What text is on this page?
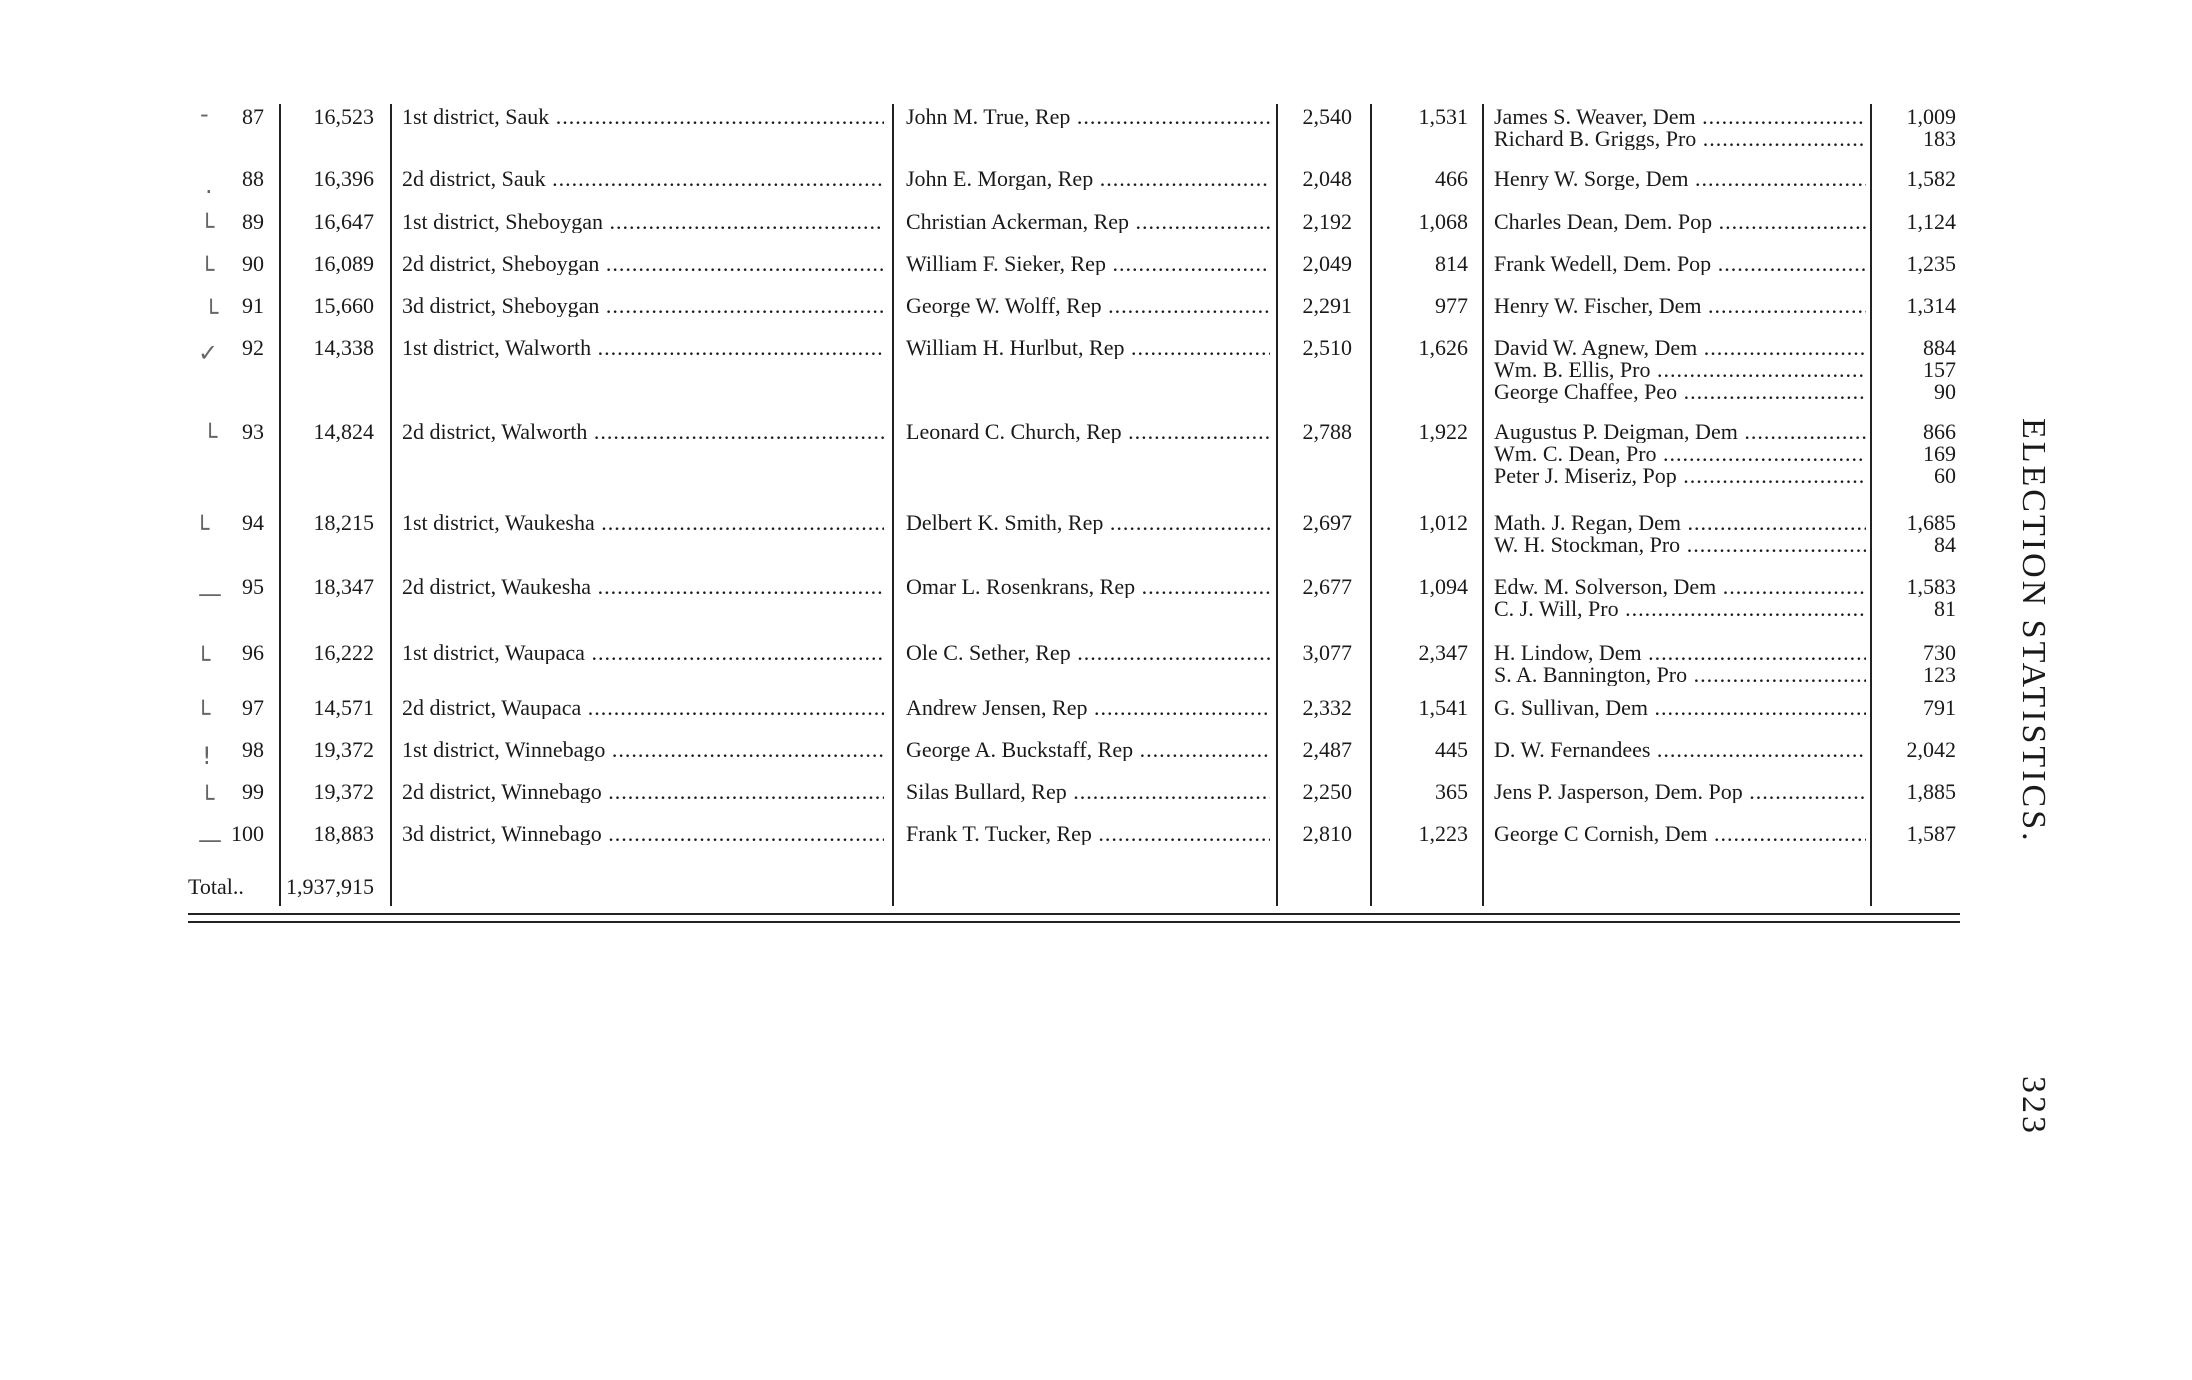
87	16,523 1st district, Sauk .....	John M. True, Rep .....	2,540	1,531 James S. Weaver, Dem .....	1,009
Richard B. Griggs, Pro .....	183
88	16,396 2d district, Sauk .....	John E. Morgan, Rep .....	2,048	466 Henry W. Sorge, Dem .....	1,582
89	16,647 1st district, Sheboygan .....	Christian Ackerman, Rep .....	2,192	1,068 Charles Dean, Dem. Pop .....	1,124
90	16,089 2d district, Sheboygan .....	William F. Sieker, Rep .....	2,049	814 Frank Wedell, Dem. Pop .....	1,235
91	15,660 3d district, Sheboygan .....	George W. Wolff, Rep .....	2,291	977 Henry W. Fischer, Dem .....	1,314
92	14,338 1st district, Walworth .....	William H. Hurlbut, Rep .....	2,510	1,626 David W. Agnew, Dem .....	884
Wm. B. Ellis, Pro .....	157
George Chaffee, Peo .....	90
93	14,824 2d district, Walworth .....	Leonard C. Church, Rep .....	2,788	1,922 Augustus P. Deigman, Dem .....	866
Wm. C. Dean, Pro .....	169
Peter J. Miseriz, Pop .....	60
94	18,215 1st district, Waukesha .....	Delbert K. Smith, Rep .....	2,697	1,012 Math. J. Regan, Dem .....	1,685
W. H. Stockman, Pro .....	84
95	18,347 2d district, Waukesha .....	Omar L. Rosenkrans, Rep .....	2,677	1,094 Edw. M. Solverson, Dem .....	1,583
C. J. Will, Pro .....	81
96	16,222 1st district, Waupaca .....	Ole C. Sether, Rep .....	3,077	2,347 H. Lindow, Dem .....	730
S. A. Bannington, Pro .....	123
97	14,571 2d district, Waupaca .....	Andrew Jensen, Rep .....	2,332	1,541 G. Sullivan, Dem .....	791
98	19,372 1st district, Winnebago .....	George A. Buckstaff, Rep .....	2,487	445 D. W. Fernandees .....	2,042
99	19,372 2d district, Winnebago .....	Silas Bullard, Rep .....	2,250	365 Jens P. Jasperson, Dem. Pop .....	1,885
100	18,883 3d district, Winnebago .....	Frank T. Tucker, Rep .....	2,810	1,223 George C Cornish, Dem .....	1,587
Total..	1,937,915
-
·
└
└
└
✓
└
└
—
└
└
!
└
—	ELECTION STATISTICS.
323
